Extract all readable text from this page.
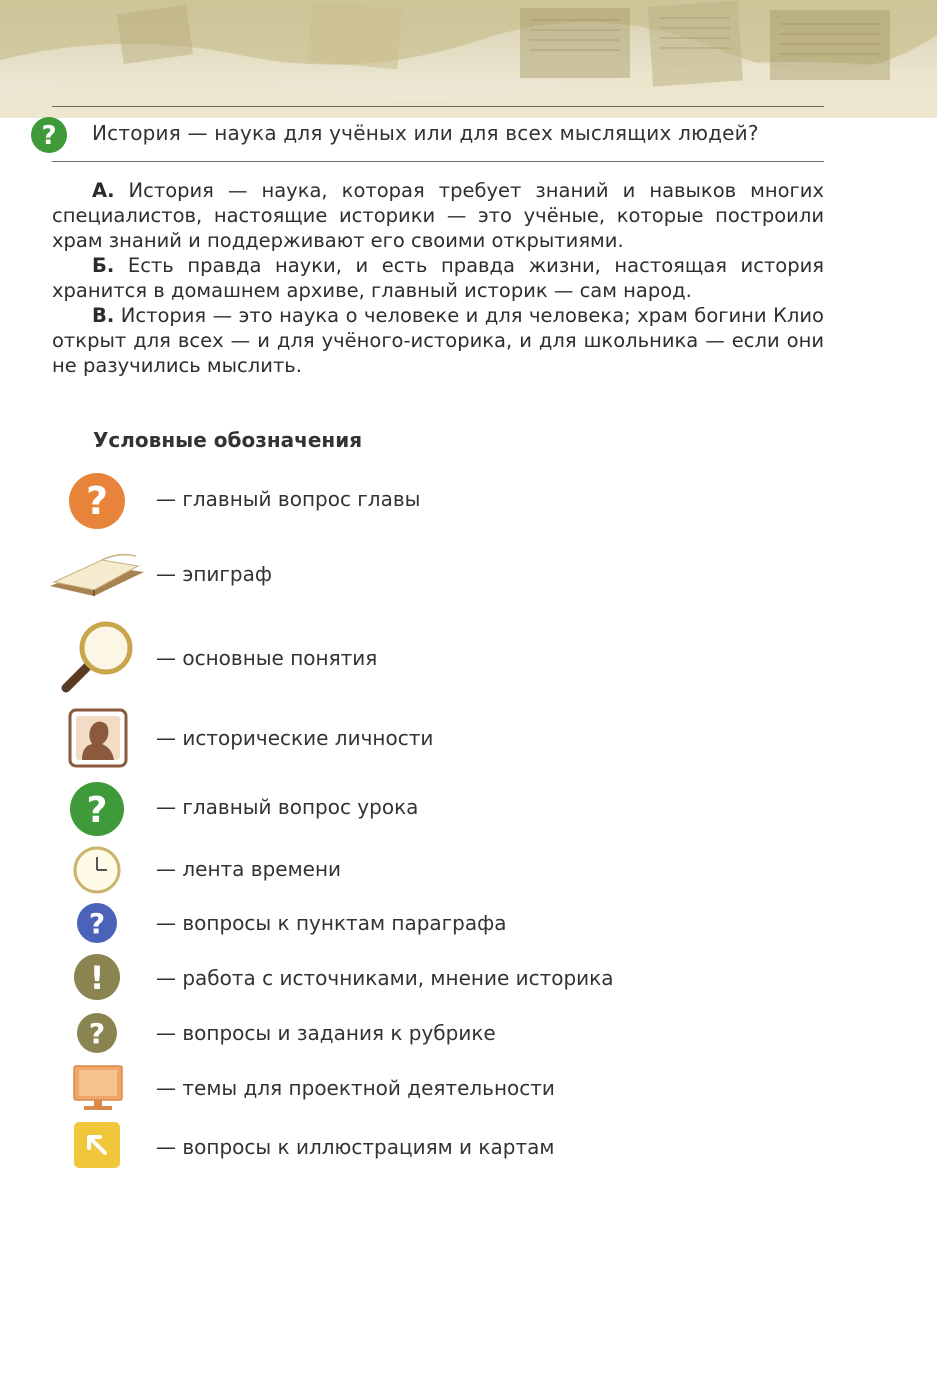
? История — наука для учёных или для всех мыслящих людей?

А. История — наука, которая требует знаний и навыков многих специалистов, настоящие историки — это учёные, которые построили храм знаний и поддерживают его своими открытиями.

Б. Есть правда науки, и есть правда жизни, настоящая история хранится в домашнем архиве, главный историк — сам народ.

В. История — это наука о человеке и для человека; храм богини Клио открыт для всех — и для учёного-историка, и для школьника — если они не разучились мыслить.

Условные обозначения
? — главный вопрос главы
— эпиграф
— основные понятия
— исторические личности
? — главный вопрос урока
— лента времени
?	— вопросы к пунктам параграфа
!	— работа с источниками, мнение историка
?	— вопросы и задания к рубрике
— темы для проектной деятельности
— вопросы к иллюстрациям и картам
